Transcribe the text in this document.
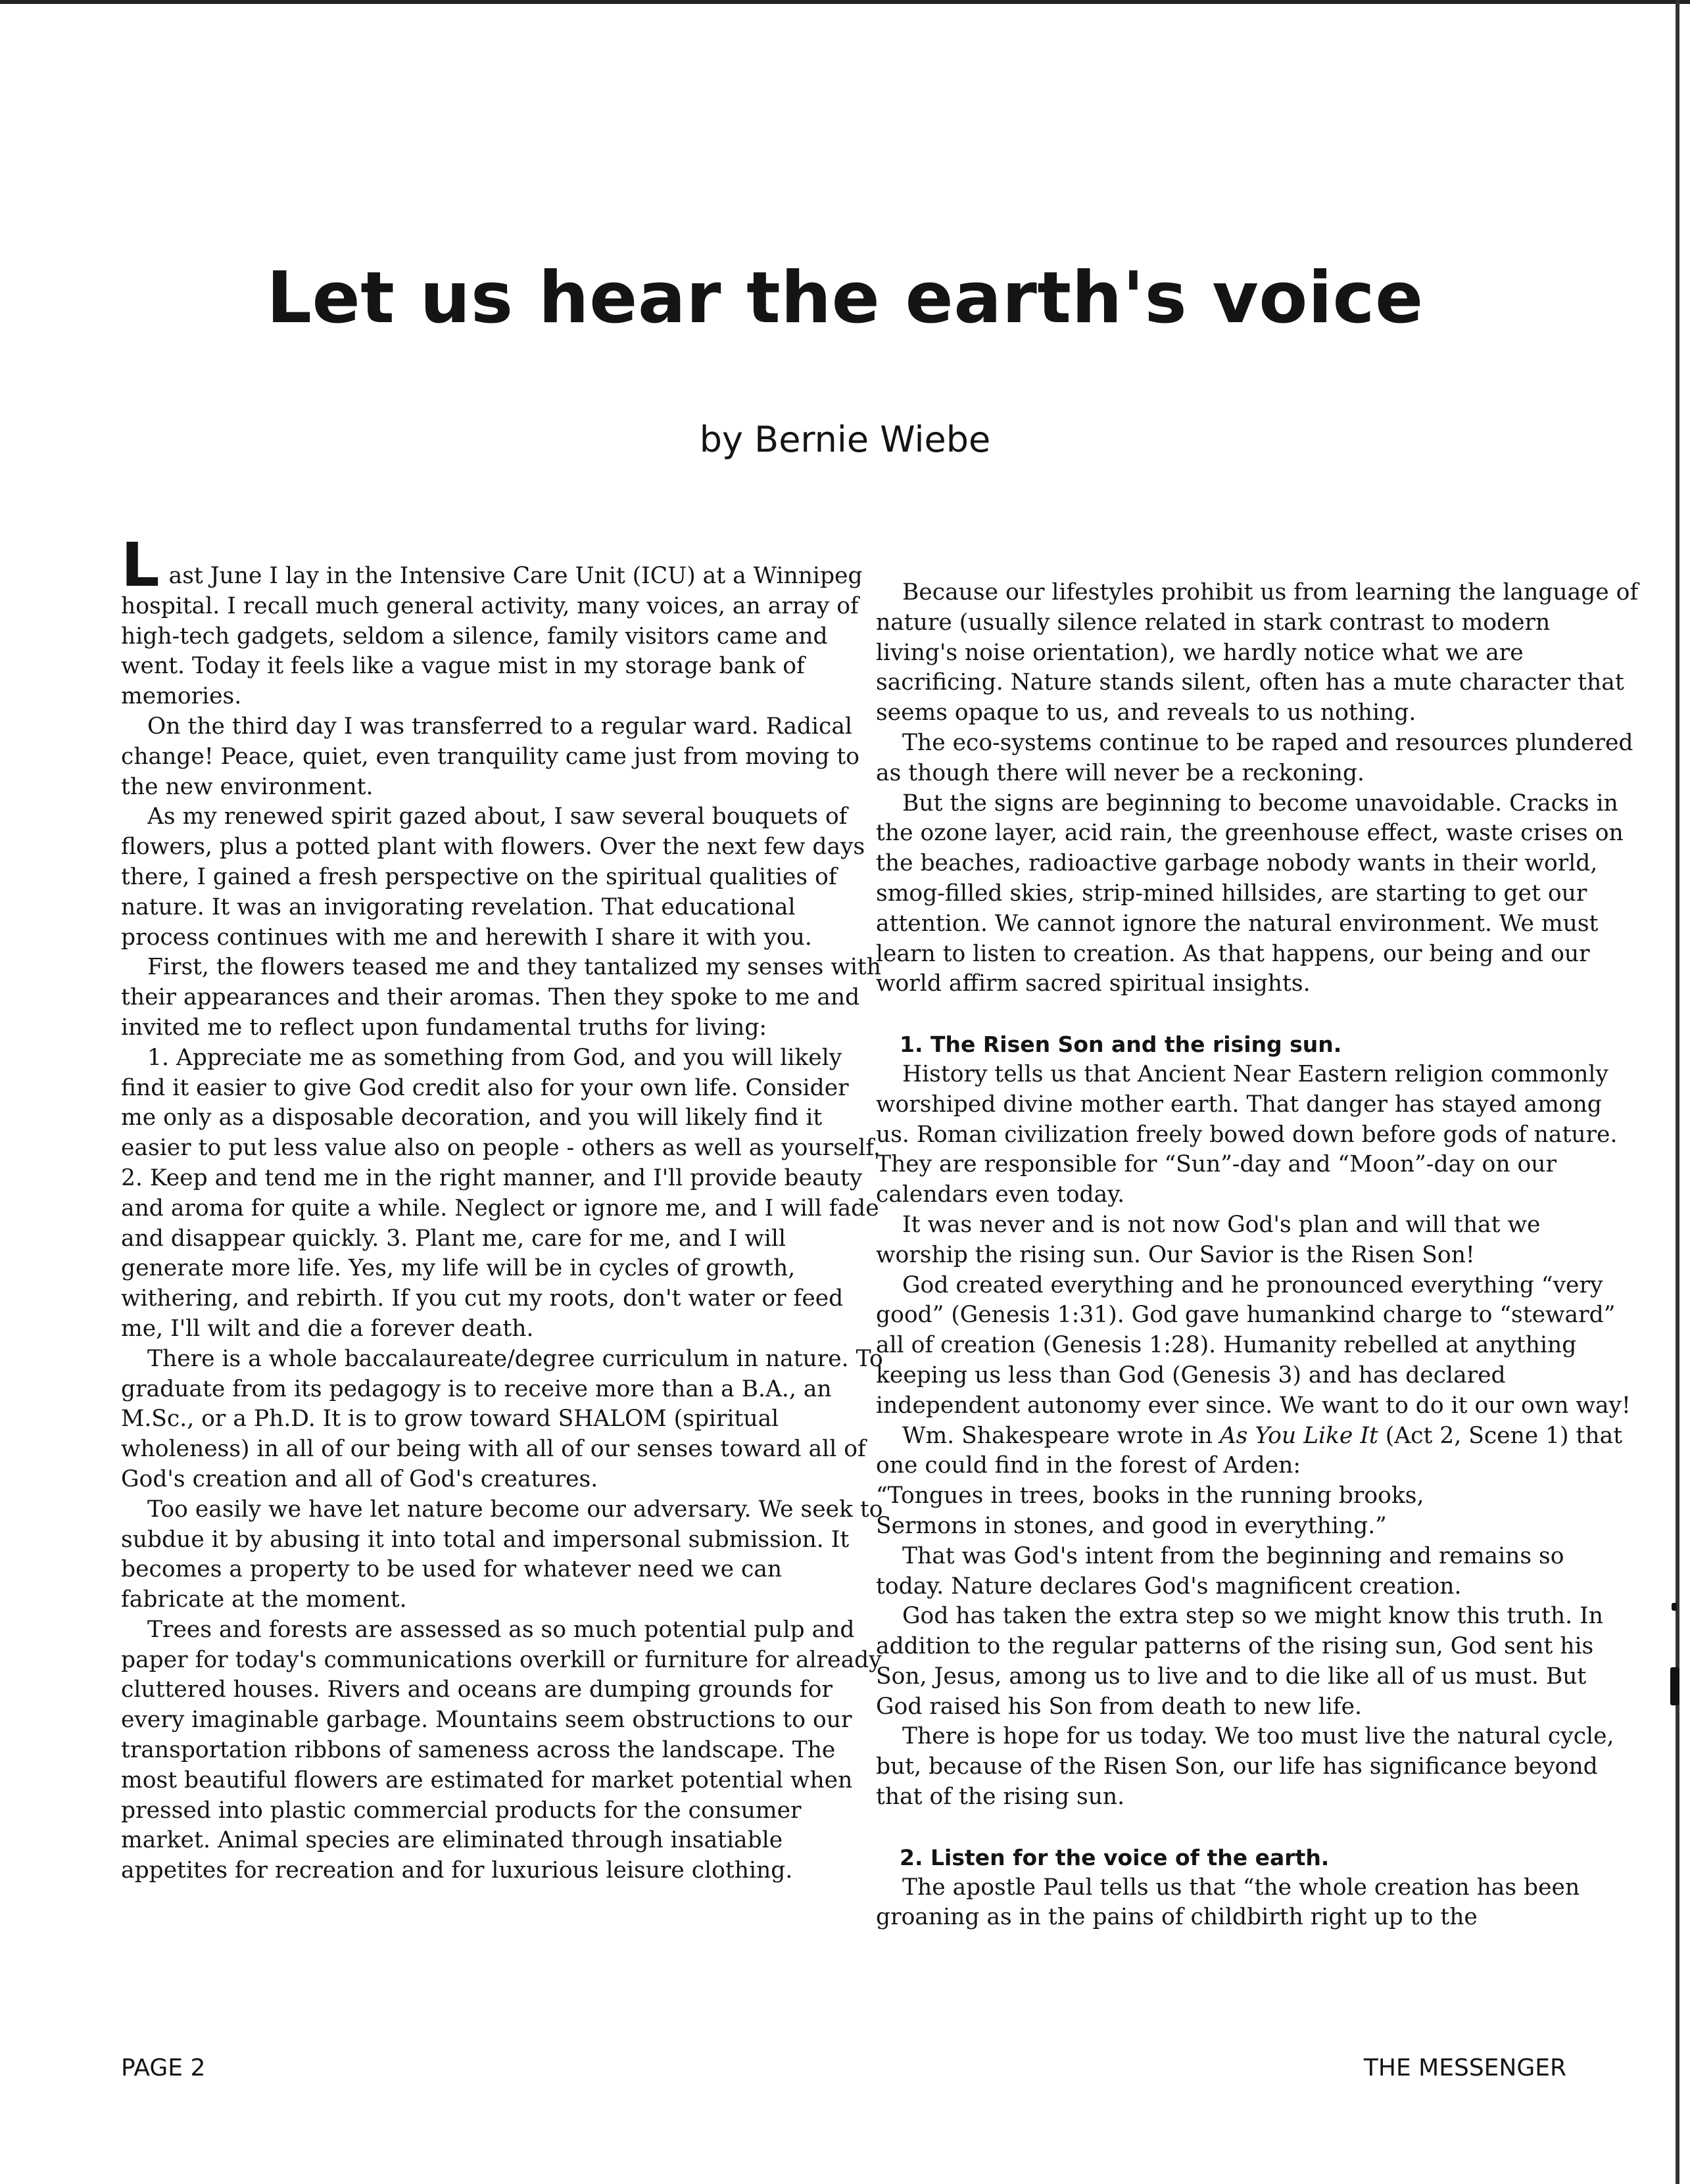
Let us hear the earth's voice
by Bernie Wiebe

Last June I lay in the Intensive Care Unit (ICU) at a Winnipeg hospital. I recall much general activity, many voices, an array of high-tech gadgets, seldom a silence, family visitors came and went. Today it feels like a vague mist in my storage bank of memories.

On the third day I was transferred to a regular ward. Radical change! Peace, quiet, even tranquility came just from moving to the new environment.

As my renewed spirit gazed about, I saw several bouquets of flowers, plus a potted plant with flowers. Over the next few days there, I gained a fresh perspective on the spiritual qualities of nature. It was an invigorating revelation. That educational process continues with me and herewith I share it with you.

First, the flowers teased me and they tantalized my senses with their appearances and their aromas. Then they spoke to me and invited me to reflect upon fundamental truths for living:

1. Appreciate me as something from God, and you will likely find it easier to give God credit also for your own life. Consider me only as a disposable decoration, and you will likely find it easier to put less value also on people - others as well as yourself. 2. Keep and tend me in the right manner, and I'll provide beauty and aroma for quite a while. Neglect or ignore me, and I will fade and disappear quickly. 3. Plant me, care for me, and I will generate more life. Yes, my life will be in cycles of growth, withering, and rebirth. If you cut my roots, don't water or feed me, I'll wilt and die a forever death.

There is a whole baccalaureate/degree curriculum in nature. To graduate from its pedagogy is to receive more than a B.A., an M.Sc., or a Ph.D. It is to grow toward SHALOM (spiritual wholeness) in all of our being with all of our senses toward all of God's creation and all of God's creatures.

Too easily we have let nature become our adversary. We seek to subdue it by abusing it into total and impersonal submission. It becomes a property to be used for whatever need we can fabricate at the moment.

Trees and forests are assessed as so much potential pulp and paper for today's communications overkill or furniture for already cluttered houses. Rivers and oceans are dumping grounds for every imaginable garbage. Mountains seem obstructions to our transportation ribbons of sameness across the landscape. The most beautiful flowers are estimated for market potential when pressed into plastic commercial products for the consumer market. Animal species are eliminated through insatiable appetites for recreation and for luxurious leisure clothing.

Because our lifestyles prohibit us from learning the language of nature (usually silence related in stark contrast to modern living's noise orientation), we hardly notice what we are sacrificing. Nature stands silent, often has a mute character that seems opaque to us, and reveals to us nothing.

The eco-systems continue to be raped and resources plundered as though there will never be a reckoning.

But the signs are beginning to become unavoidable. Cracks in the ozone layer, acid rain, the greenhouse effect, waste crises on the beaches, radioactive garbage nobody wants in their world, smog-filled skies, strip-mined hillsides, are starting to get our attention. We cannot ignore the natural environment. We must learn to listen to creation. As that happens, our being and our world affirm sacred spiritual insights.

1. The Risen Son and the rising sun.

History tells us that Ancient Near Eastern religion commonly worshiped divine mother earth. That danger has stayed among us. Roman civilization freely bowed down before gods of nature. They are responsible for “Sun”-day and “Moon”-day on our calendars even today.

It was never and is not now God's plan and will that we worship the rising sun. Our Savior is the Risen Son!

God created everything and he pronounced everything “very good” (Genesis 1:31). God gave humankind charge to “steward” all of creation (Genesis 1:28). Humanity rebelled at anything keeping us less than God (Genesis 3) and has declared independent autonomy ever since. We want to do it our own way!

Wm. Shakespeare wrote in As You Like It (Act 2, Scene 1) that one could find in the forest of Arden:

“Tongues in trees, books in the running brooks,

Sermons in stones, and good in everything.”

That was God's intent from the beginning and remains so today. Nature declares God's magnificent creation.

God has taken the extra step so we might know this truth. In addition to the regular patterns of the rising sun, God sent his Son, Jesus, among us to live and to die like all of us must. But God raised his Son from death to new life.

There is hope for us today. We too must live the natural cycle, but, because of the Risen Son, our life has significance beyond that of the rising sun.

2. Listen for the voice of the earth.

The apostle Paul tells us that “the whole creation has been groaning as in the pains of childbirth right up to the

PAGE 2	THE MESSENGER
